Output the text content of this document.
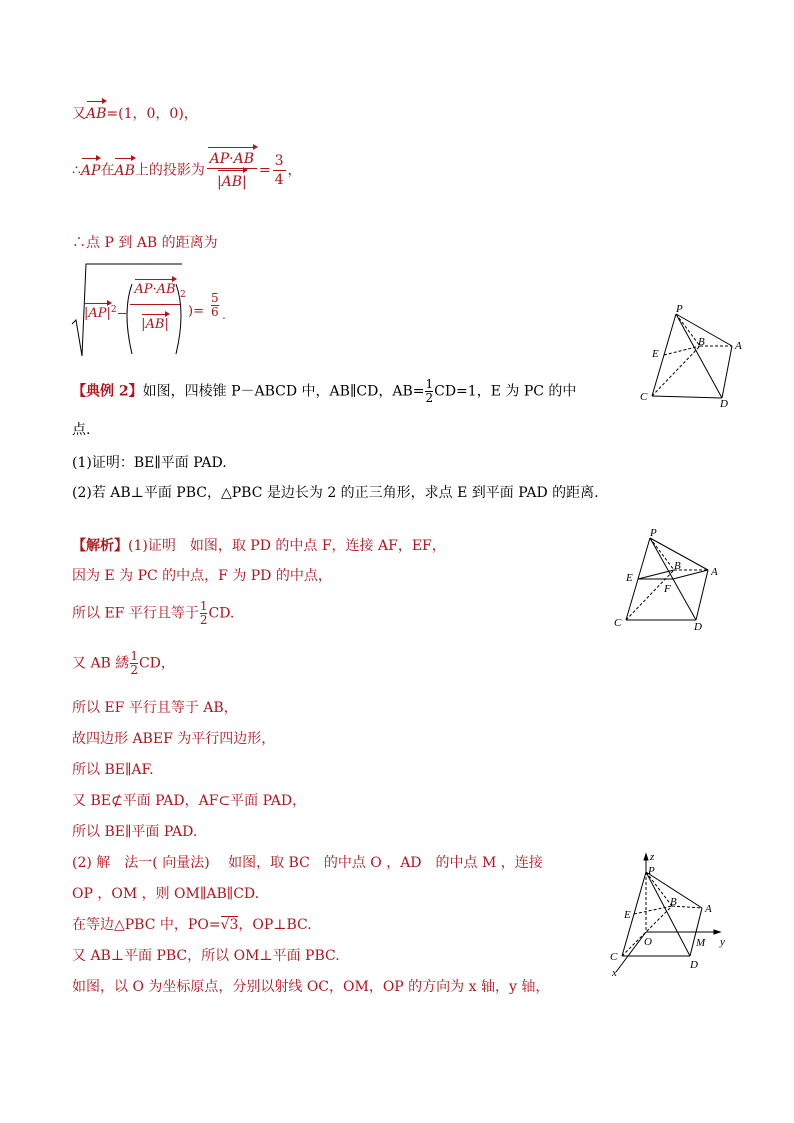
又AB=(1，0，0)，
∴AP在AB上的投影为 $\frac{AP\cdot AB}{|AB|} = \frac{3}{4}$ ，
∴点 P 到 AB 的距离为
$|AP|^2-$
AP·AB
|AB|
2
)= $\frac{5}{6}$ .
【典例 2】如图，四棱锥 P－ABCD 中，AB∥CD，$AB= \frac{1}{2} CD=1$，E 为 PC 的中
点.
(1)证明：BE∥平面 PAD.
(2)若 AB⊥平面 PBC，△PBC 是边长为 2 的正三角形，求点 E 到平面 PAD 的距离.
【解析】(1)证明　如图，取 PD 的中点 F，连接 AF，EF，
因为 E 为 PC 的中点，F 为 PD 的中点，
所以 EF 平行且等于 $\frac{1}{2}$ CD.
又 AB 綉 $\frac{1}{2}$ CD，
所以 EF 平行且等于 AB，
故四边形 ABEF 为平行四边形，
所以 BE∥AF.
又 BE⊄平面 PAD，AF⊂平面 PAD，
所以 BE∥平面 PAD.
(2) 解　法一( 向量法)　 如图，取 BC　的中点 O ，AD　的中点 M ，连接
OP ，OM ，则 OM∥AB∥CD.
在等边△PBC 中，PO=√3，OP⊥BC.
又 AB⊥平面 PBC，所以 OM⊥平面 PBC.
如图，以 O 为坐标原点，分别以射线 OC，OM，OP 的方向为 x 轴，y 轴，
P
B	A
E
C
D
P
B	A
E
F
C	D
z
P
B
A
E
O	M y
C
D
x
